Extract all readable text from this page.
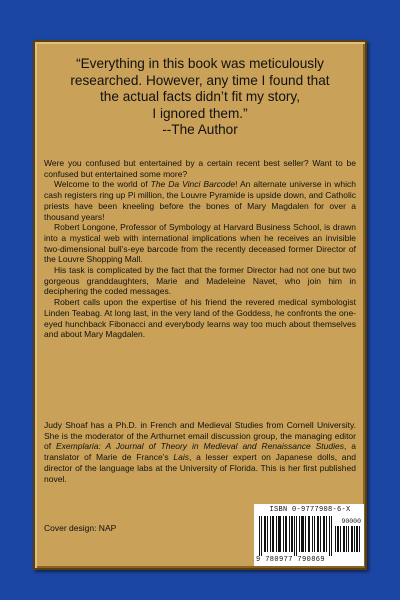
“Everything in this book was meticulously
researched. However, any time I found that
the actual facts didn’t fit my story,
I ignored them.”
--The Author

Were you confused but entertained by a certain recent best seller? Want to be confused but entertained some more?

Welcome to the world of The Da Vinci Barcode! An alternate universe in which cash registers ring up Pi million, the Louvre Pyramide is upside down, and Catholic priests have been kneeling before the bones of Mary Magdalen for over a thousand years!

Robert Longone, Professor of Symbology at Harvard Business School, is drawn into a mystical web with international implications when he receives an invisible two-dimensional bull’s-eye barcode from the recently deceased former Director of the Louvre Shopping Mall.

His task is complicated by the fact that the former Director had not one but two gorgeous granddaughters, Marie and Madeleine Navet, who join him in deciphering the coded messages.

Robert calls upon the expertise of his friend the revered medical symbologist Linden Teabag. At long last, in the very land of the Goddess, he confronts the one-eyed hunchback Fibonacci and everybody learns way too much about themselves and about Mary Magdalen.

Judy Shoaf has a Ph.D. in French and Medieval Studies from Cornell University. She is the moderator of the Arthurnet email discussion group, the managing editor of Exemplaria: A Journal of Theory in Medieval and Renaissance Studies, a translator of Marie de France’s Lais, a lesser expert on Japanese dolls, and director of the language labs at the University of Florida. This is her first published novel.

Cover design: NAP
ISBN 0-9777908-6-X
90000
9 780977 790869
